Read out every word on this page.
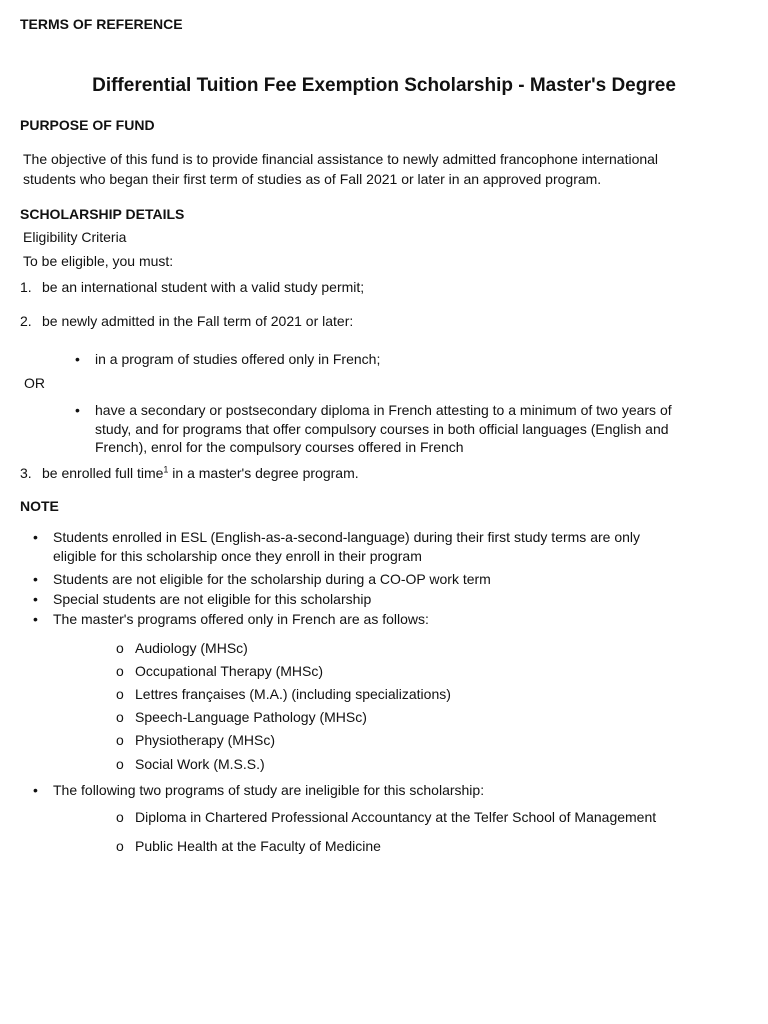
TERMS OF REFERENCE
Differential Tuition Fee Exemption Scholarship - Master's Degree
PURPOSE OF FUND
The objective of this fund is to provide financial assistance to newly admitted francophone international
students who began their first term of studies as of Fall 2021 or later in an approved program.
SCHOLARSHIP DETAILS
Eligibility Criteria
To be eligible, you must:
1. be an international student with a valid study permit;
2. be newly admitted in the Fall term of 2021 or later:
• in a program of studies offered only in French;
OR
• have a secondary or postsecondary diploma in French attesting to a minimum of two years of
study, and for programs that offer compulsory courses in both official languages (English and
French), enrol for the compulsory courses offered in French
3. be enrolled full time$^1$ in a master's degree program.
NOTE
• Students enrolled in ESL (English-as-a-second-language) during their first study terms are only
eligible for this scholarship once they enroll in their program
• Students are not eligible for the scholarship during a CO-OP work term
• Special students are not eligible for this scholarship
• The master's programs offered only in French are as follows:
o Audiology (MHSc)
o Occupational Therapy (MHSc)
o Lettres françaises (M.A.) (including specializations)
o Speech-Language Pathology (MHSc)
o Physiotherapy (MHSc)
o Social Work (M.S.S.)
• The following two programs of study are ineligible for this scholarship:
o Diploma in Chartered Professional Accountancy at the Telfer School of Management
o Public Health at the Faculty of Medicine
